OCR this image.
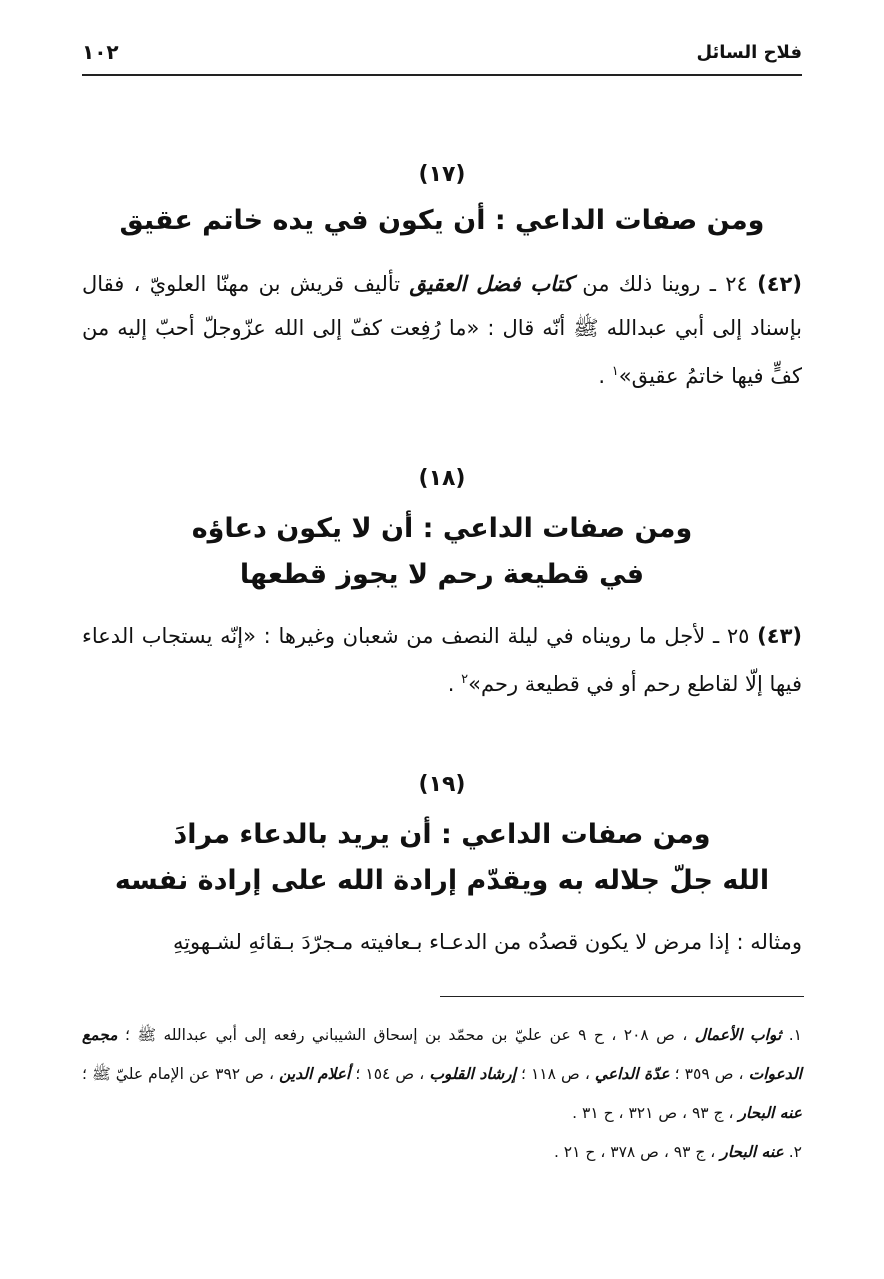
فلاح السائل
١٠٢
(١٧)
ومن صفات الداعي : أن يكون في يده خاتم عقيق
(٤٢) ٢٤ ـ روينا ذلك من كتاب فضل العقيق تأليف قريش بن مهنّا العلويّ ، فقال بإسناد إلى أبي عبدالله ﷺ أنّه قال : «ما رُفِعت كفّ إلى الله عزّوجلّ أحبّ إليه من كفٍّ فيها خاتمُ عقيق»$^١$ .
(١٨)
ومن صفات الداعي : أن لا يكون دعاؤه
في قطيعة رحم لا يجوز قطعها
(٤٣) ٢٥ ـ لأجل ما رويناه في ليلة النصف من شعبان وغيرها : «إنّه يستجاب الدعاء فيها إلّا لقاطع رحم أو في قطيعة رحم»$^٢$ .
(١٩)
ومن صفات الداعي : أن يريد بالدعاء مرادَ
الله جلّ جلاله به ويقدّم إرادة الله على إرادة نفسه
ومثاله : إذا مرض لا يكون قصدُه من الدعـاء بـعافيته مـجرّدَ بـقائهِ لشـهوتِهِ

١. ثواب الأعمال ، ص ٢٠٨ ، ح ٩ عن عليّ بن محمّد بن إسحاق الشيباني رفعه إلى أبي عبدالله ﷺ ؛ مجمع الدعوات ، ص ٣٥٩ ؛ عدّة الداعي ، ص ١١٨ ؛ إرشاد القلوب ، ص ١٥٤ ؛ أعلام الدين ، ص ٣٩٢ عن الإمام عليّ ﷺ ؛ عنه البحار ، ج ٩٣ ، ص ٣٢١ ، ح ٣١ .

٢. عنه البحار ، ج ٩٣ ، ص ٣٧٨ ، ح ٢١ .
